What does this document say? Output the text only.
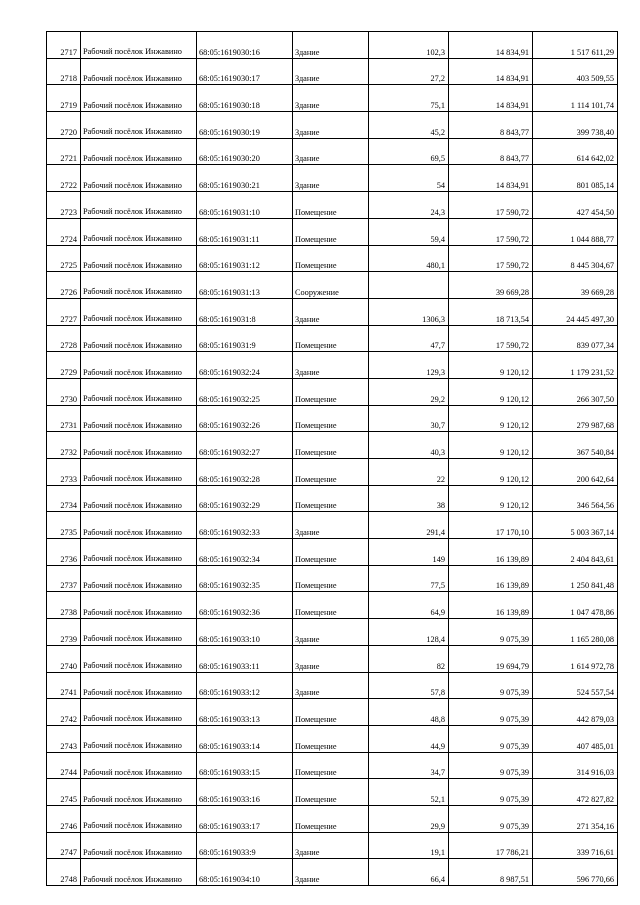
2717	Рабочий посёлок Инжавино	68:05:1619030:16	Здание	102,3	14 834,91	1 517 611,29
2718	Рабочий посёлок Инжавино	68:05:1619030:17	Здание	27,2	14 834,91	403 509,55
2719	Рабочий посёлок Инжавино	68:05:1619030:18	Здание	75,1	14 834,91	1 114 101,74
2720	Рабочий посёлок Инжавино	68:05:1619030:19	Здание	45,2	8 843,77	399 738,40
2721	Рабочий посёлок Инжавино	68:05:1619030:20	Здание	69,5	8 843,77	614 642,02
2722	Рабочий посёлок Инжавино	68:05:1619030:21	Здание	54	14 834,91	801 085,14
2723	Рабочий посёлок Инжавино	68:05:1619031:10	Помещение	24,3	17 590,72	427 454,50
2724	Рабочий посёлок Инжавино	68:05:1619031:11	Помещение	59,4	17 590,72	1 044 888,77
2725	Рабочий посёлок Инжавино	68:05:1619031:12	Помещение	480,1	17 590,72	8 445 304,67
2726	Рабочий посёлок Инжавино	68:05:1619031:13	Сооружение		39 669,28	39 669,28
2727	Рабочий посёлок Инжавино	68:05:1619031:8	Здание	1306,3	18 713,54	24 445 497,30
2728	Рабочий посёлок Инжавино	68:05:1619031:9	Помещение	47,7	17 590,72	839 077,34
2729	Рабочий посёлок Инжавино	68:05:1619032:24	Здание	129,3	9 120,12	1 179 231,52
2730	Рабочий посёлок Инжавино	68:05:1619032:25	Помещение	29,2	9 120,12	266 307,50
2731	Рабочий посёлок Инжавино	68:05:1619032:26	Помещение	30,7	9 120,12	279 987,68
2732	Рабочий посёлок Инжавино	68:05:1619032:27	Помещение	40,3	9 120,12	367 540,84
2733	Рабочий посёлок Инжавино	68:05:1619032:28	Помещение	22	9 120,12	200 642,64
2734	Рабочий посёлок Инжавино	68:05:1619032:29	Помещение	38	9 120,12	346 564,56
2735	Рабочий посёлок Инжавино	68:05:1619032:33	Здание	291,4	17 170,10	5 003 367,14
2736	Рабочий посёлок Инжавино	68:05:1619032:34	Помещение	149	16 139,89	2 404 843,61
2737	Рабочий посёлок Инжавино	68:05:1619032:35	Помещение	77,5	16 139,89	1 250 841,48
2738	Рабочий посёлок Инжавино	68:05:1619032:36	Помещение	64,9	16 139,89	1 047 478,86
2739	Рабочий посёлок Инжавино	68:05:1619033:10	Здание	128,4	9 075,39	1 165 280,08
2740	Рабочий посёлок Инжавино	68:05:1619033:11	Здание	82	19 694,79	1 614 972,78
2741	Рабочий посёлок Инжавино	68:05:1619033:12	Здание	57,8	9 075,39	524 557,54
2742	Рабочий посёлок Инжавино	68:05:1619033:13	Помещение	48,8	9 075,39	442 879,03
2743	Рабочий посёлок Инжавино	68:05:1619033:14	Помещение	44,9	9 075,39	407 485,01
2744	Рабочий посёлок Инжавино	68:05:1619033:15	Помещение	34,7	9 075,39	314 916,03
2745	Рабочий посёлок Инжавино	68:05:1619033:16	Помещение	52,1	9 075,39	472 827,82
2746	Рабочий посёлок Инжавино	68:05:1619033:17	Помещение	29,9	9 075,39	271 354,16
2747	Рабочий посёлок Инжавино	68:05:1619033:9	Здание	19,1	17 786,21	339 716,61
2748	Рабочий посёлок Инжавино	68:05:1619034:10	Здание	66,4	8 987,51	596 770,66
